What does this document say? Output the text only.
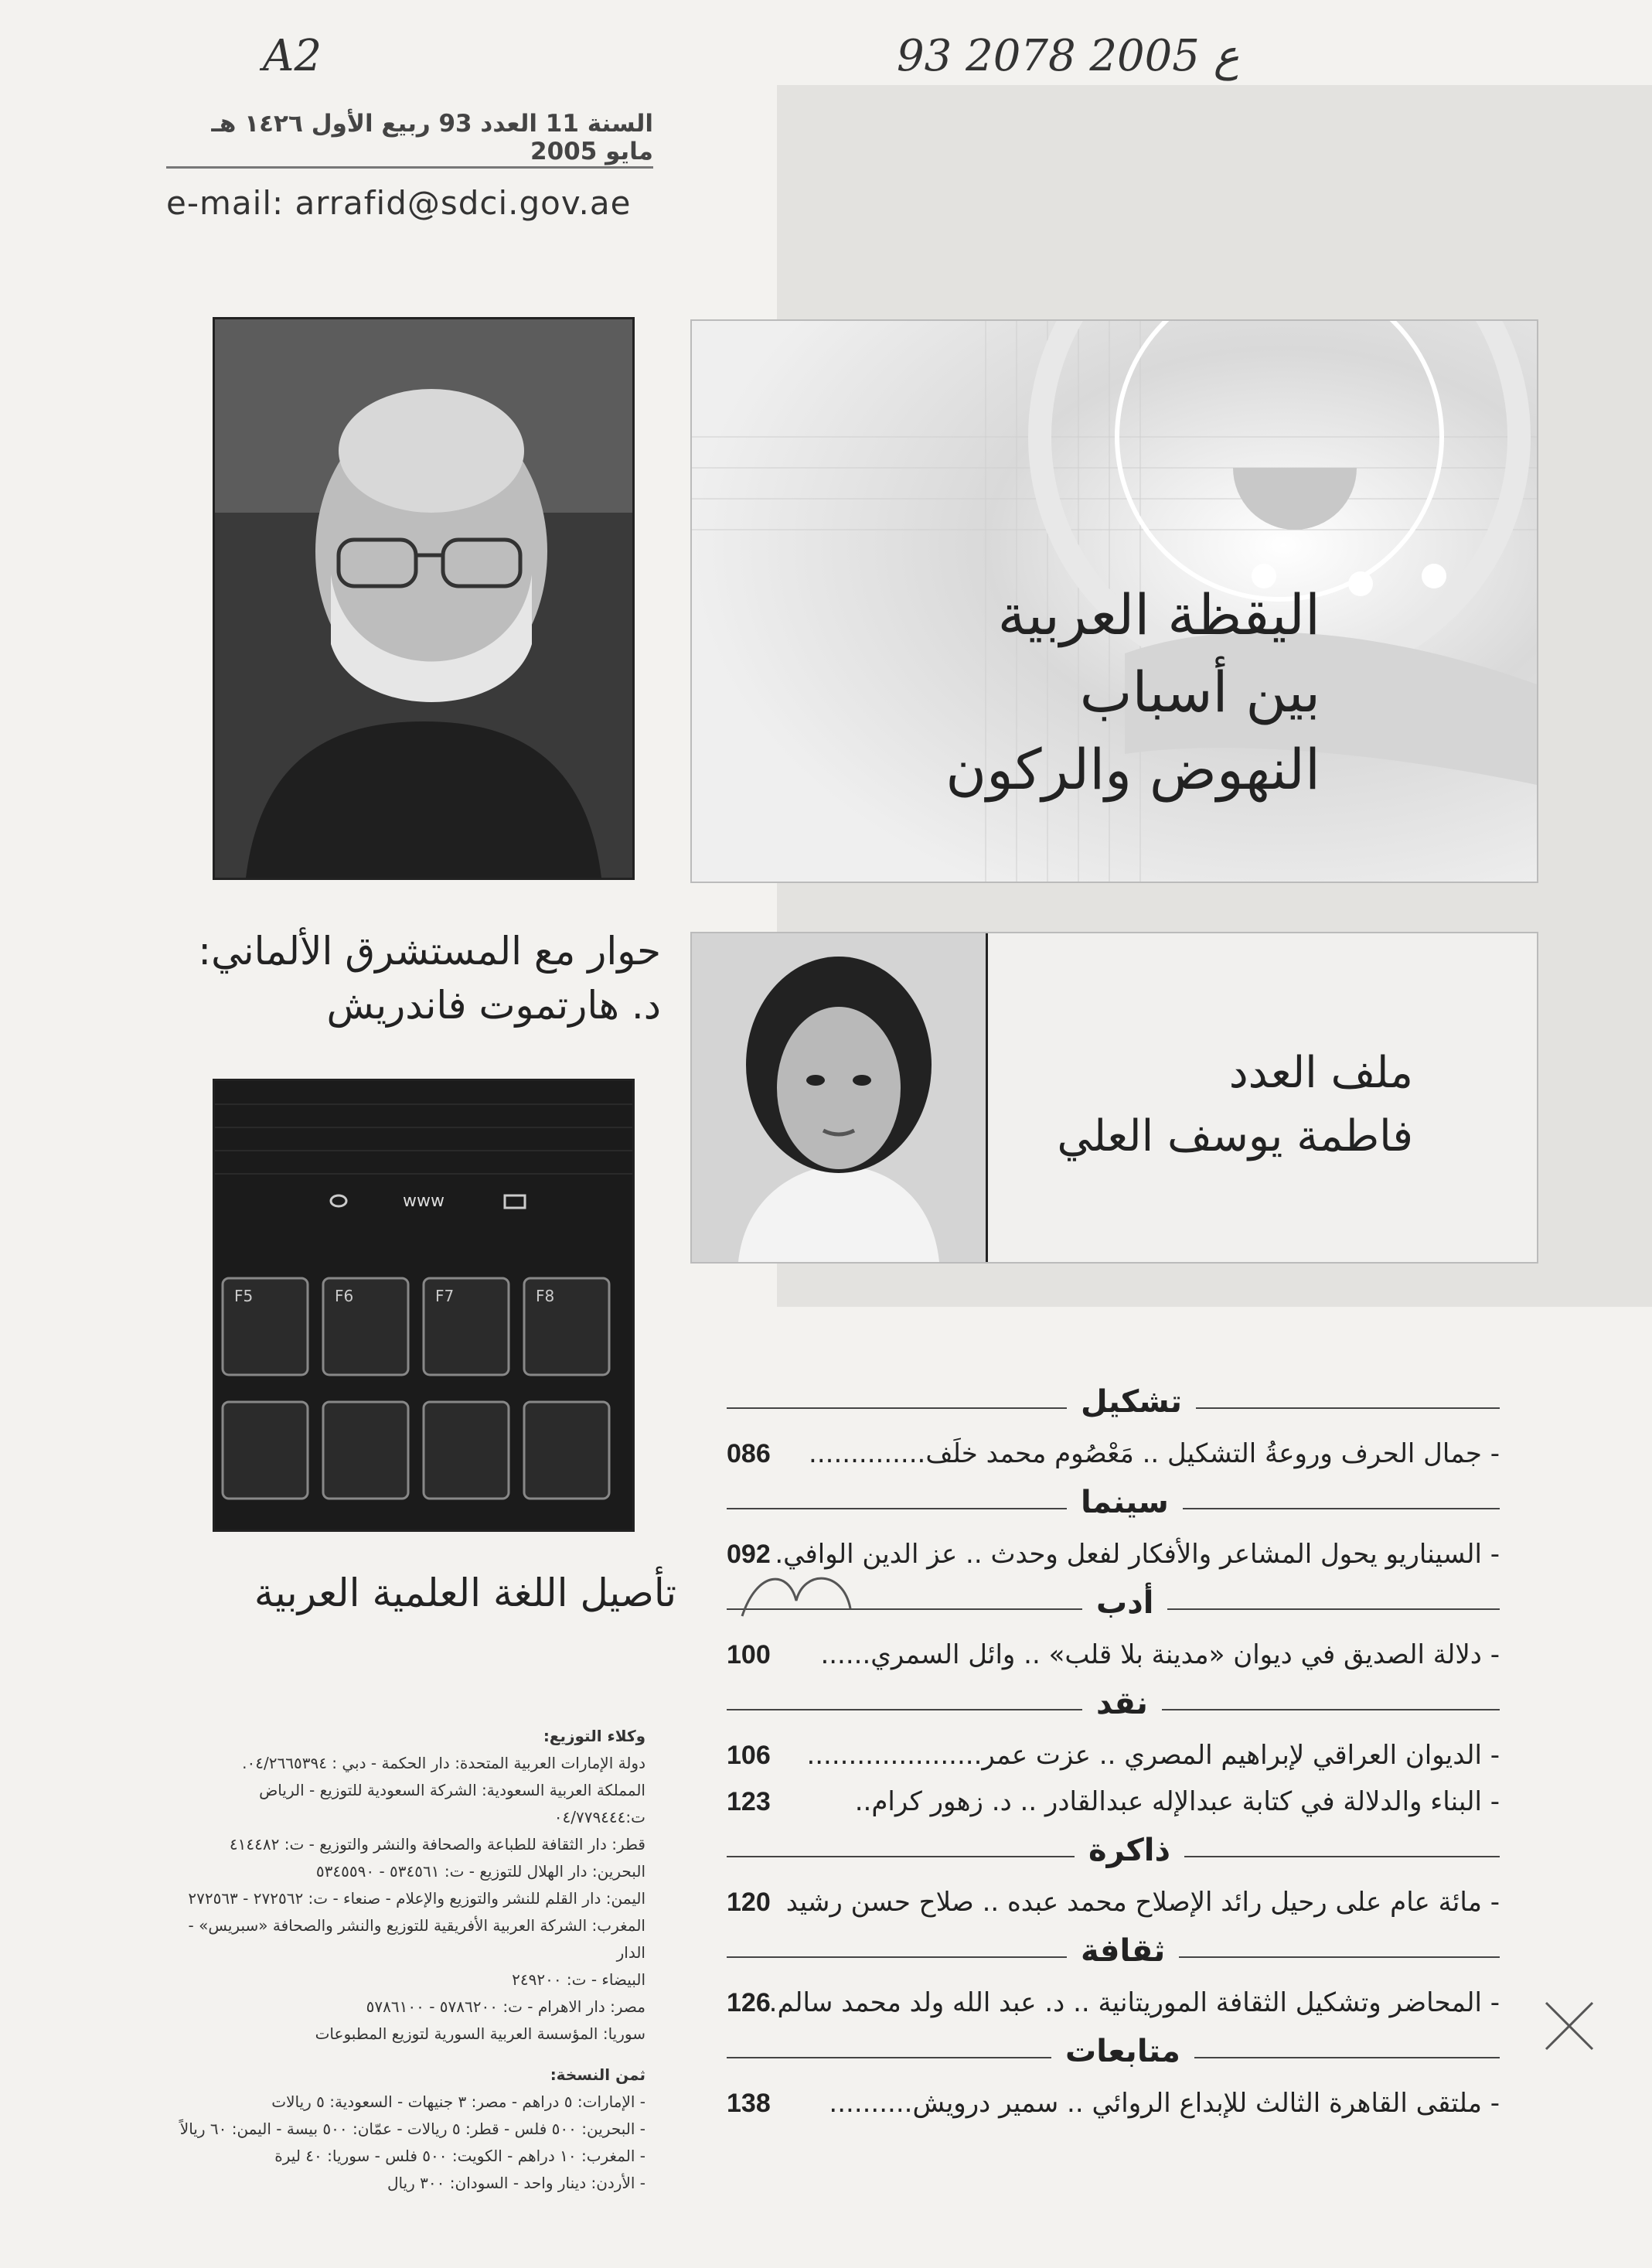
A2	93 ع 2005 2078
السنة 11 العدد 93 ربيع الأول ١٤٢٦ هـ مايو 2005
e-mail: arrafid@sdci.gov.ae
اليقظة العربية
بين أسباب
النهوض والركون
حوار مع المستشرق الألماني:
د. هارتموت فاندريش
ملف العدد
فاطمة يوسف العلي
www
F5	F6	F7	F8
تأصيل اللغة العلمية العربية
وكلاء التوزيع:
دولة الإمارات العربية المتحدة: دار الحكمة - دبي : ٠٤/٢٦٦٥٣٩٤.
المملكة العربية السعودية: الشركة السعودية للتوزيع - الرياض ت:٠٤/٧٧٩٤٤٤
قطر: دار الثقافة للطباعة والصحافة والنشر والتوزيع - ت: ٤١٤٤٨٢
البحرين: دار الهلال للتوزيع - ت: ٥٣٤٥٦١ - ٥٣٤٥٥٩٠
اليمن: دار القلم للنشر والتوزيع والإعلام - صنعاء - ت: ٢٧٢٥٦٢ - ٢٧٢٥٦٣
المغرب: الشركة العربية الأفريقية للتوزيع والنشر والصحافة «سبريس» - الدار
البيضاء - ت: ٢٤٩٢٠٠
مصر: دار الاهرام - ت: ٥٧٨٦٢٠٠ - ٥٧٨٦١٠٠
سوريا: المؤسسة العربية السورية لتوزيع المطبوعات
ثمن النسخة:
- الإمارات: ٥ دراهم - مصر: ٣ جنيهات - السعودية: ٥ ريالات
- البحرين: ٥٠٠ فلس - قطر: ٥ ريالات - عمّان: ٥٠٠ بيسة - اليمن: ٦٠ ريالاً
- المغرب: ١٠ دراهم - الكويت: ٥٠٠ فلس - سوريا: ٤٠ ليرة
- الأردن: دينار واحد - السودان: ٣٠٠ ريال
تشكيل
086 - جمال الحرف وروعةُ التشكيل .. مَعْصُوم محمد خلَف..............
سينما
092 - السيناريو يحول المشاعر والأفكار لفعل وحدث .. عز الدين الوافي.
أدب
100 - دلالة الصديق في ديوان «مدينة بلا قلب» .. وائل السمري......
نقد
106 - الديوان العراقي لإبراهيم المصري .. عزت عمر.....................
123	- البناء والدلالة في كتابة عبدالإله عبدالقادر .. د. زهور كرام..
ذاكرة
120 - مائة عام على رحيل رائد الإصلاح محمد عبده .. صلاح حسن رشيد
ثقافة
126
- المحاضر وتشكيل الثقافة الموريتانية .. د. عبد الله ولد محمد سالم..
متابعات
138 - ملتقى القاهرة الثالث للإبداع الروائي .. سمير درويش..........
